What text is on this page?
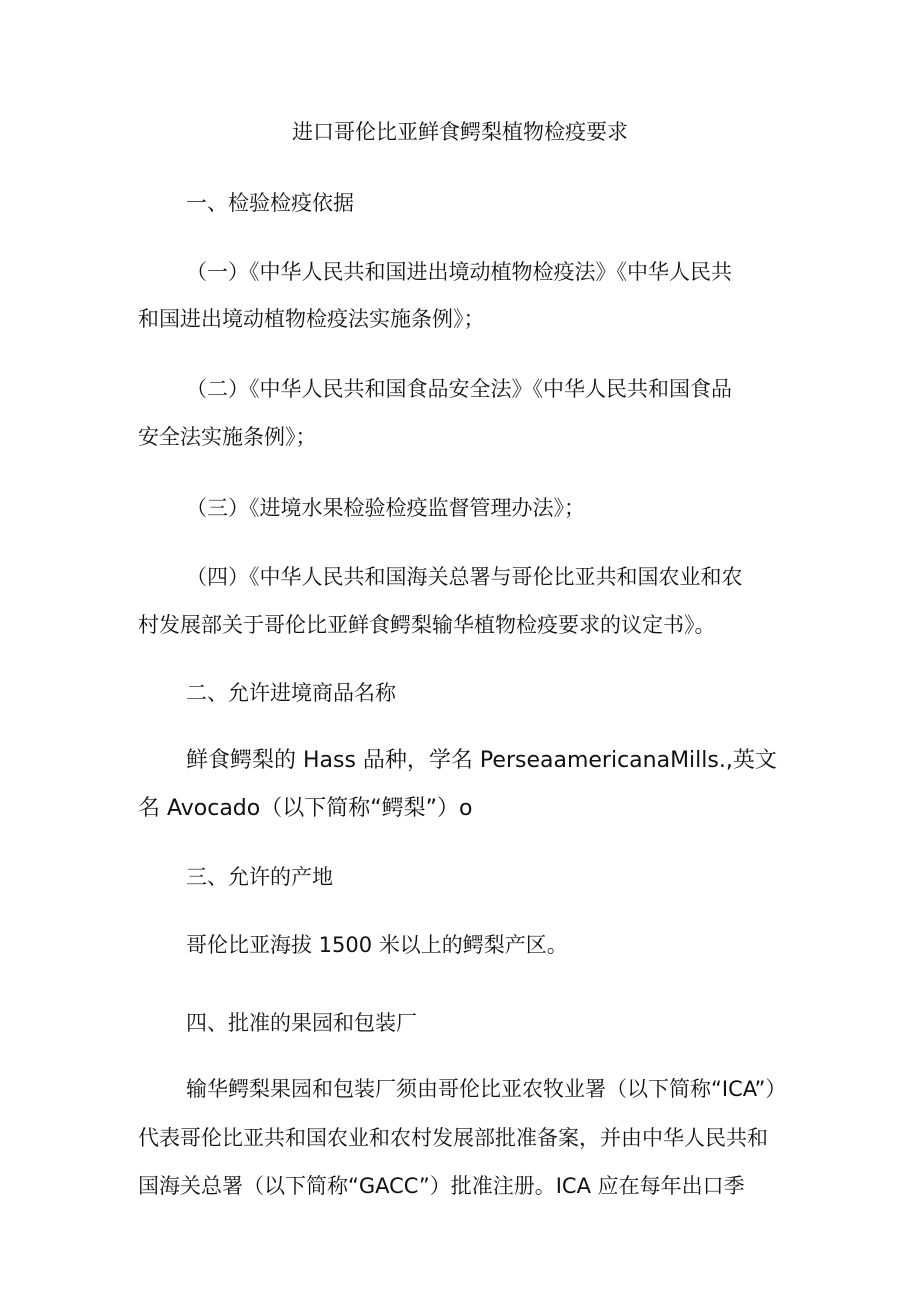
进口哥伦比亚鲜食鳄梨植物检疫要求
一、检验检疫依据
（一）《中华人民共和国进出境动植物检疫法》《中华人民共
和国进出境动植物检疫法实施条例》；
（二）《中华人民共和国食品安全法》《中华人民共和国食品
安全法实施条例》；
（三）《进境水果检验检疫监督管理办法》；
（四）《中华人民共和国海关总署与哥伦比亚共和国农业和农
村发展部关于哥伦比亚鲜食鳄梨输华植物检疫要求的议定书》。
二、允许进境商品名称
鲜食鳄梨的 Hass 品种，学名 PerseaamericanaMills.,英文
名 Avocado（以下简称“鳄梨”）o
三、允许的产地
哥伦比亚海拔 1500 米以上的鳄梨产区。
四、批准的果园和包装厂
输华鳄梨果园和包装厂须由哥伦比亚农牧业署（以下简称“ICA”）
代表哥伦比亚共和国农业和农村发展部批准备案，并由中华人民共和
国海关总署（以下简称“GACC”）批准注册。ICA 应在每年出口季
